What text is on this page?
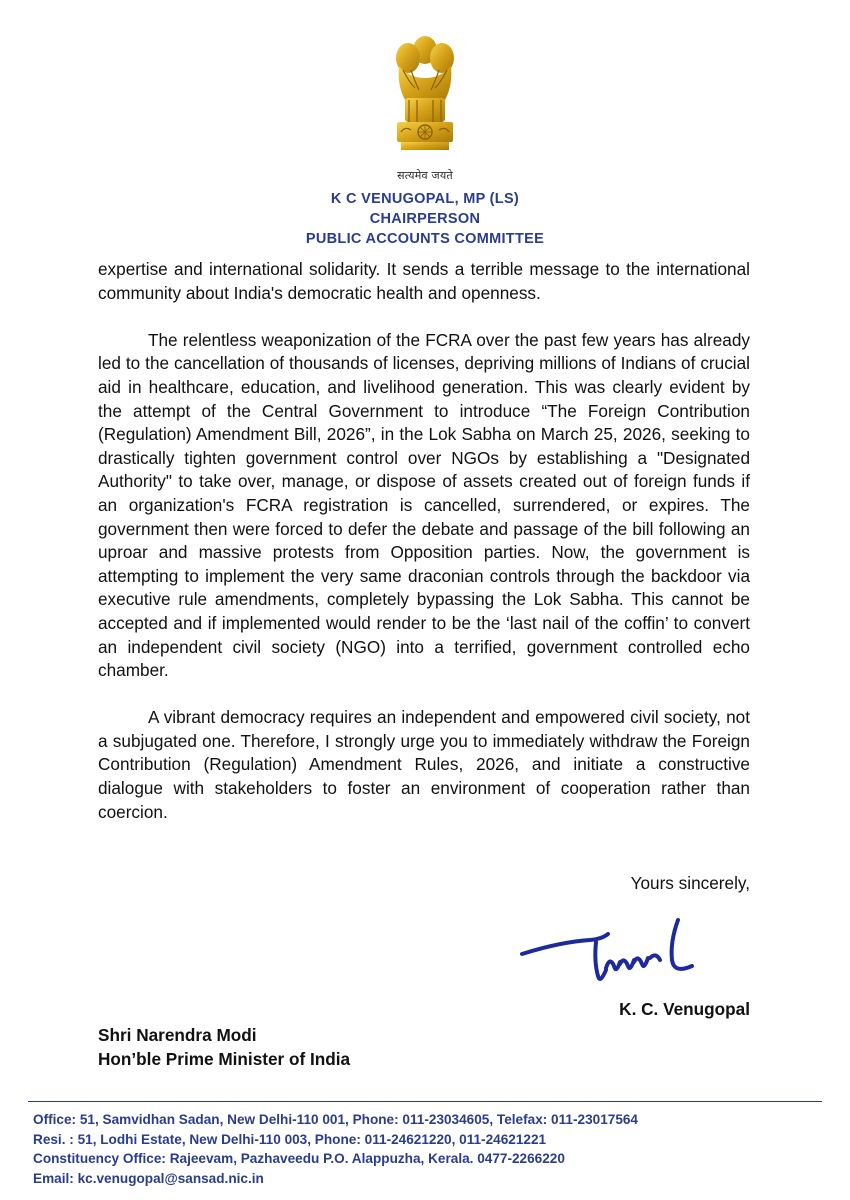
सत्यमेव जयते
K C VENUGOPAL, MP (LS)
CHAIRPERSON
PUBLIC ACCOUNTS COMMITTEE

expertise and international solidarity. It sends a terrible message to the international community about India's democratic health and openness.

The relentless weaponization of the FCRA over the past few years has already led to the cancellation of thousands of licenses, depriving millions of Indians of crucial aid in healthcare, education, and livelihood generation. This was clearly evident by the attempt of the Central Government to introduce “The Foreign Contribution (Regulation) Amendment Bill, 2026”, in the Lok Sabha on March 25, 2026, seeking to drastically tighten government control over NGOs by establishing a "Designated Authority" to take over, manage, or dispose of assets created out of foreign funds if an organization's FCRA registration is cancelled, surrendered, or expires. The government then were forced to defer the debate and passage of the bill following an uproar and massive protests from Opposition parties. Now, the government is attempting to implement the very same draconian controls through the backdoor via executive rule amendments, completely bypassing the Lok Sabha. This cannot be accepted and if implemented would render to be the ‘last nail of the coffin’ to convert an independent civil society (NGO) into a terrified, government controlled echo chamber.

A vibrant democracy requires an independent and empowered civil society, not a subjugated one. Therefore, I strongly urge you to immediately withdraw the Foreign Contribution (Regulation) Amendment Rules, 2026, and initiate a constructive dialogue with stakeholders to foster an environment of cooperation rather than coercion.

Yours sincerely,
K. C. Venugopal
Shri Narendra Modi
Hon’ble Prime Minister of India
Office: 51, Samvidhan Sadan, New Delhi-110 001, Phone: 011-23034605, Telefax: 011-23017564
Resi. : 51, Lodhi Estate, New Delhi-110 003, Phone: 011-24621220, 011-24621221
Constituency Office: Rajeevam, Pazhaveedu P.O. Alappuzha, Kerala. 0477-2266220
Email: kc.venugopal@sansad.nic.in
